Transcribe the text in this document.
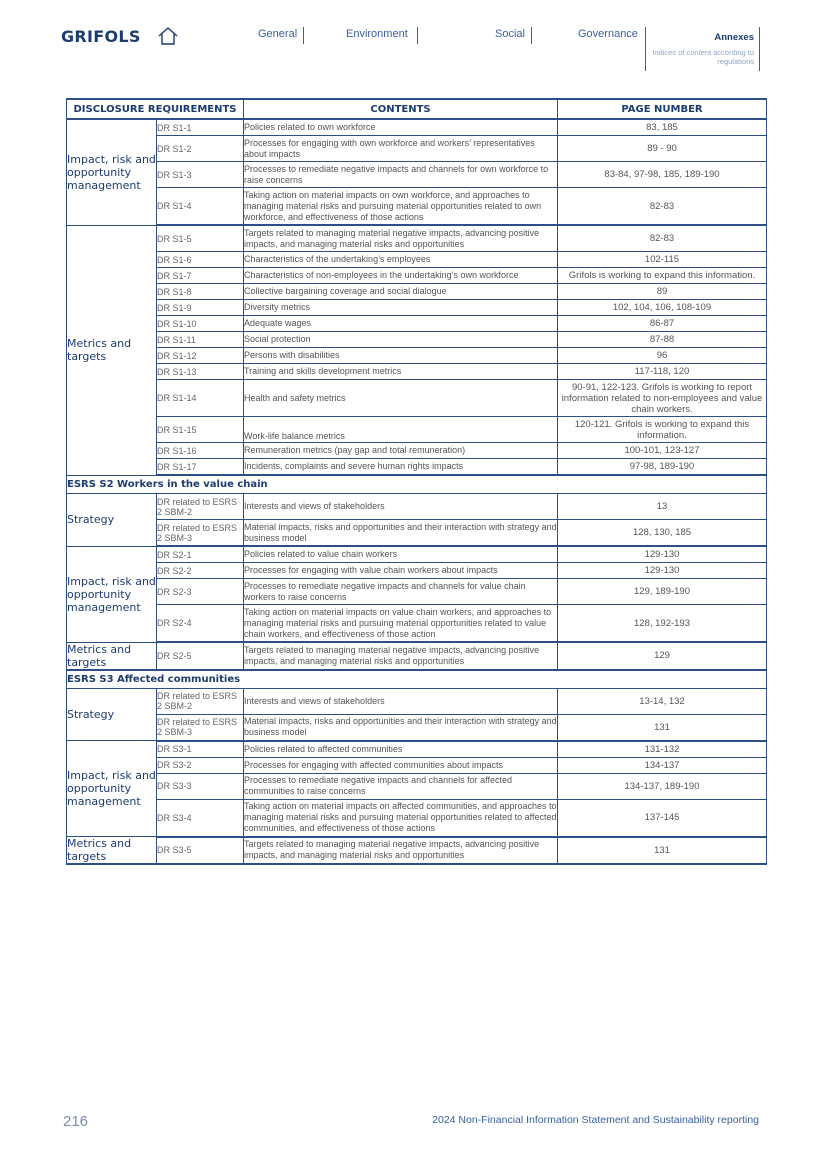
GRIFOLS	General	Environment	Social	Governance	Annexes
Indices of content according to regulations
DISCLOSURE REQUIREMENTS		CONTENTS	PAGE NUMBER
Impact, risk and opportunity management	DR S1-1	Policies related to own workforce	83, 185
	DR S1-2	Processes for engaging with own workforce and workers’ representatives about impacts	89 - 90
	DR S1-3	Processes to remediate negative impacts and channels for own workforce to raise concerns	83-84, 97-98, 185, 189-190
	DR S1-4	Taking action on material impacts on own workforce, and approaches to managing material risks and pursuing material opportunities related to own workforce, and effectiveness of those actions	82-83
Metrics and targets	DR S1-5	Targets related to managing material negative impacts, advancing positive impacts, and managing material risks and opportunities	82-83
	DR S1-6	Characteristics of the undertaking’s employees	102-115
	DR S1-7	Characteristics of non-employees in the undertaking’s own workforce	Grifols is working to expand this information.
	DR S1-8	Collective bargaining coverage and social dialogue	89
	DR S1-9	Diversity metrics	102, 104, 106, 108-109
	DR S1-10	Adequate wages	86-87
	DR S1-11	Social protection	87-88
	DR S1-12	Persons with disabilities	96
	DR S1-13	Training and skills development metrics	117-118, 120
	DR S1-14	Health and safety metrics	90-91, 122-123. Grifols is working to report information related to non-employees and value chain workers.
	DR S1-15	Work-life balance metrics	120-121. Grifols is working to expand this information.
	DR S1-16	Remuneration metrics (pay gap and total remuneration)	100-101, 123-127
	DR S1-17	Incidents, complaints and severe human rights impacts	97-98, 189-190
ESRS S2 Workers in the value chain			
Strategy	DR related to ESRS 2 SBM-2	Interests and views of stakeholders	13
	DR related to ESRS 2 SBM-3	Material impacts, risks and opportunities and their interaction with strategy and business model	128, 130, 185
Impact, risk and opportunity management	DR S2-1	Policies related to value chain workers	129-130
	DR S2-2	Processes for engaging with value chain workers about impacts	129-130
	DR S2-3	Processes to remediate negative impacts and channels for value chain workers to raise concerns	129, 189-190
	DR S2-4	Taking action on material impacts on value chain workers, and approaches to managing material risks and pursuing material opportunities related to value chain workers, and effectiveness of those action	128, 192-193
Metrics and targets	DR S2-5	Targets related to managing material negative impacts, advancing positive impacts, and managing material risks and opportunities	129
ESRS S3 Affected communities			
Strategy	DR related to ESRS 2 SBM-2	Interests and views of stakeholders	13-14, 132
	DR related to ESRS 2 SBM-3	Material impacts, risks and opportunities and their interaction with strategy and business model	131
Impact, risk and opportunity management	DR S3-1	Policies related to affected communities	131-132
	DR S3-2	Processes for engaging with affected communities about impacts	134-137
	DR S3-3	Processes to remediate negative impacts and channels for affected communities to raise concerns	134-137, 189-190
	DR S3-4	Taking action on material impacts on affected communities, and approaches to managing material risks and pursuing material opportunities related to affected communities, and effectiveness of those actions	137-145
Metrics and targets	DR S3-5	Targets related to managing material negative impacts, advancing positive impacts, and managing material risks and opportunities	131
216	2024 Non-Financial Information Statement and Sustainability reporting
